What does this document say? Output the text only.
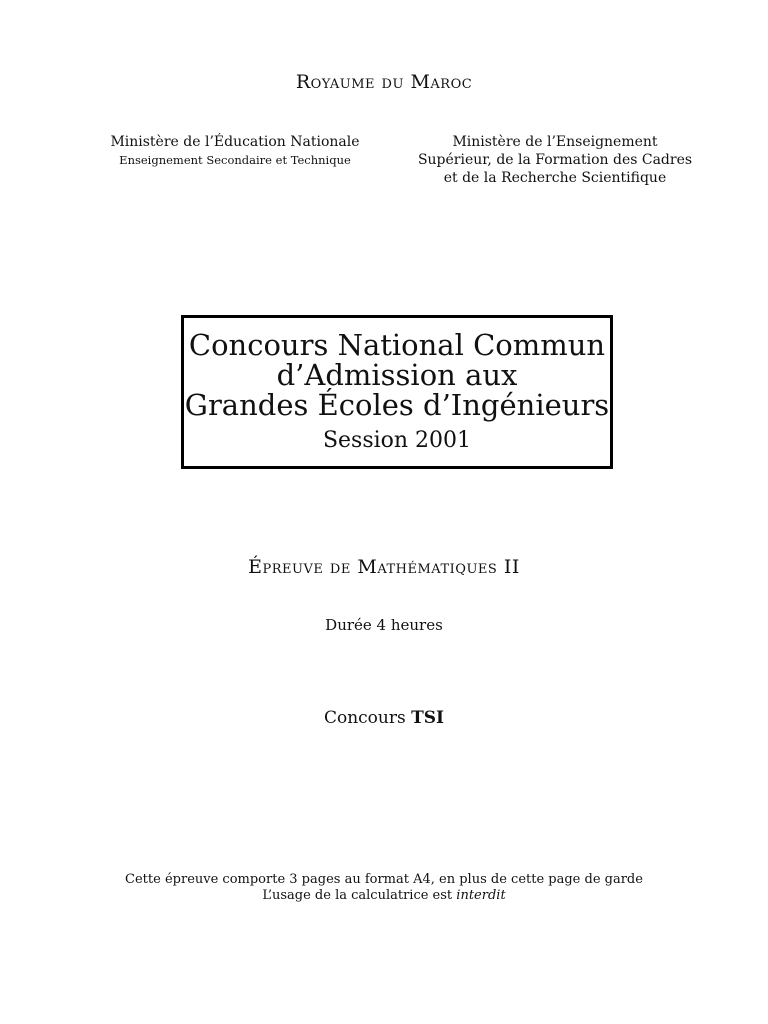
Royaume du Maroc
Ministère de l’Éducation Nationale
Enseignement Secondaire et Technique
Ministère de l’Enseignement
Supérieur, de la Formation des Cadres
et de la Recherche Scientifique
Concours National Commun
d’Admission aux
Grandes Écoles d’Ingénieurs
Session 2001
Épreuve de Mathématiques II
Durée 4 heures
Concours TSI
Cette épreuve comporte 3 pages au format A4, en plus de cette page de garde
L’usage de la calculatrice est interdit
